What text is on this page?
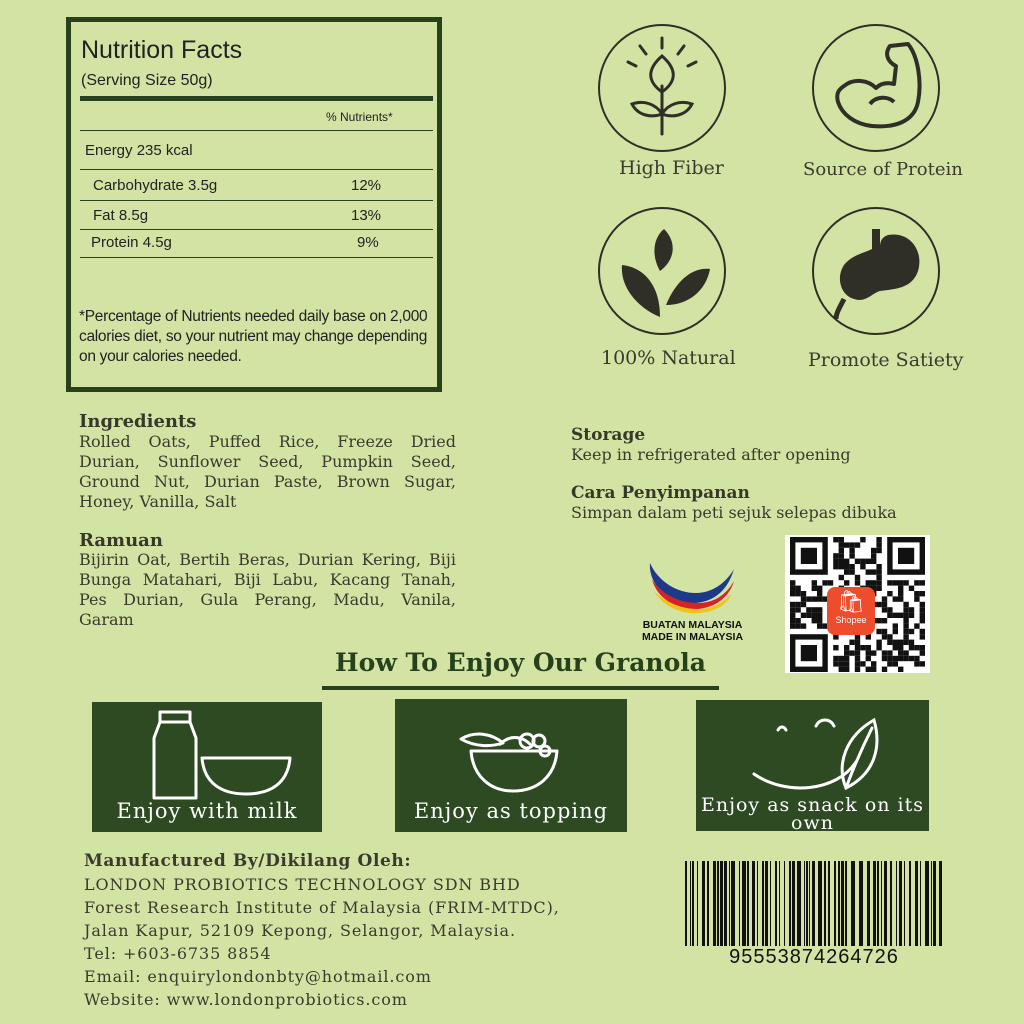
Nutrition Facts
(Serving Size 50g)
% Nutrients*
Energy 235 kcal
Carbohydrate 3.5g	12%
Fat 8.5g	13%
Protein 4.5g	9%
*Percentage of Nutrients needed daily base on 2,000 calories diet, so your nutrient may change depending on your calories needed.
High Fiber	Source of Protein
100% Natural	Promote Satiety
Ingredients
Rolled Oats, Puffed Rice, Freeze Dried
Durian, Sunflower Seed, Pumpkin Seed,
Ground Nut, Durian Paste, Brown Sugar,
Honey, Vanilla, Salt
Ramuan
Bijirin Oat, Bertih Beras, Durian Kering, Biji
Bunga Matahari, Biji Labu, Kacang Tanah,
Pes Durian, Gula Perang, Madu, Vanila,
Garam
Storage
Keep in refrigerated after opening
Cara Penyimpanan
Simpan dalam peti sejuk selepas dibuka
BUATAN MALAYSIA
MADE IN MALAYSIA
🛍
Shopee
How To Enjoy Our Granola
Enjoy with milk	Enjoy as topping	Enjoy as snack on its own
Manufactured By/Dikilang Oleh:
LONDON PROBIOTICS TECHNOLOGY SDN BHD
Forest Research Institute of Malaysia (FRIM-MTDC),
Jalan Kapur, 52109 Kepong, Selangor, Malaysia.
Tel: +603-6735 8854
Email: enquirylondonbty@hotmail.com
Website: www.londonprobiotics.com
95553874264726
